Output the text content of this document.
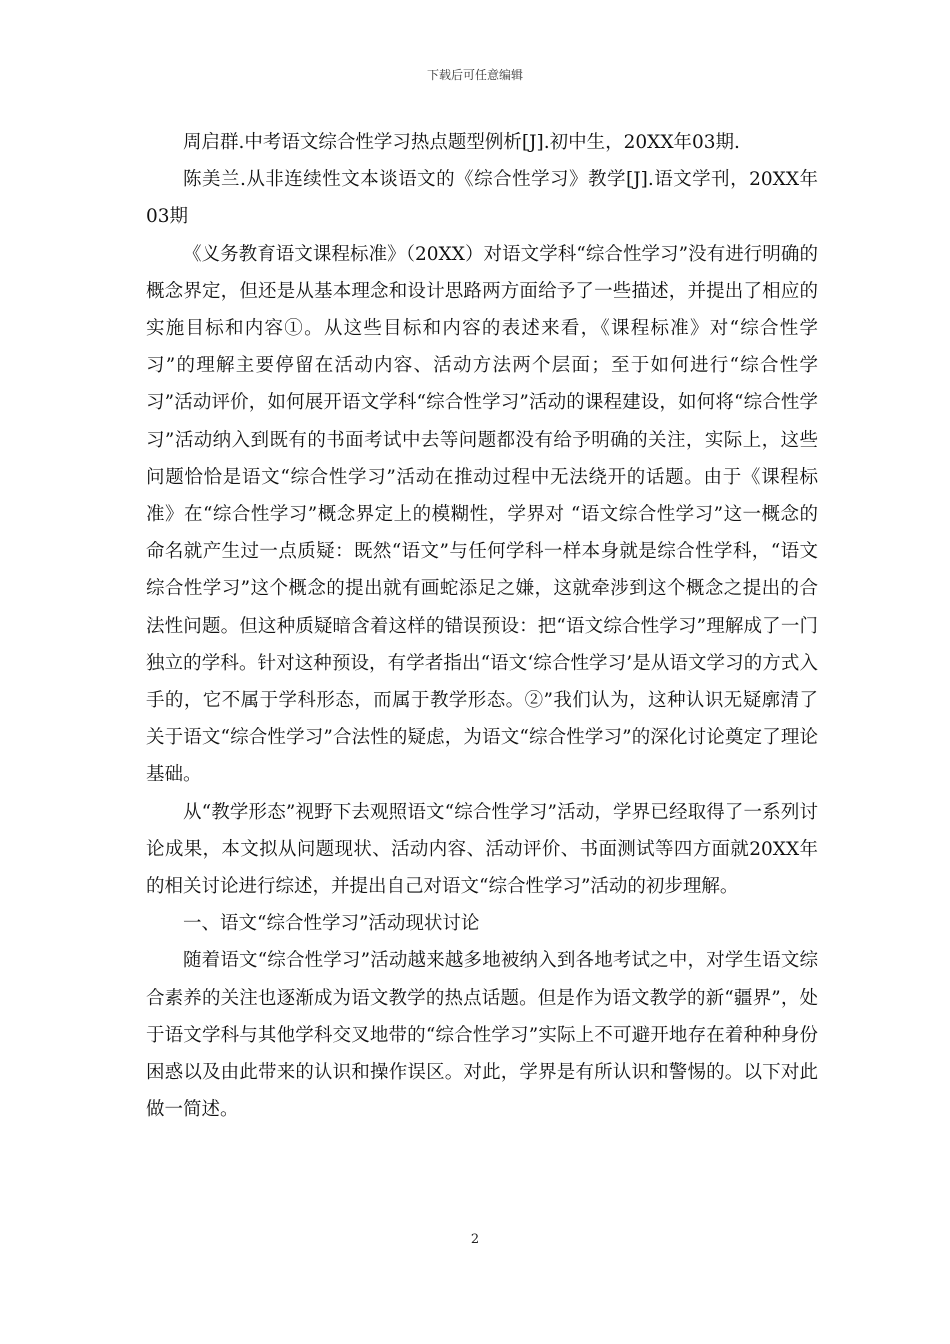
下载后可任意编辑

周启群.中考语文综合性学习热点题型例析[J].初中生，20XX年03期.

陈美兰.从非连续性文本谈语文的《综合性学习》教学[J].语文学刊，20XX年03期

《义务教育语文课程标准》（20XX）对语文学科“综合性学习”没有进行明确的概念界定，但还是从基本理念和设计思路两方面给予了一些描述，并提出了相应的实施目标和内容①。从这些目标和内容的表述来看，《课程标准》对“综合性学习”的理解主要停留在活动内容、活动方法两个层面；至于如何进行“综合性学习”活动评价，如何展开语文学科“综合性学习”活动的课程建设，如何将“综合性学习”活动纳入到既有的书面考试中去等问题都没有给予明确的关注，实际上，这些问题恰恰是语文“综合性学习”活动在推动过程中无法绕开的话题。由于《课程标准》在“综合性学习”概念界定上的模糊性，学界对 “语文综合性学习”这一概念的命名就产生过一点质疑：既然“语文”与任何学科一样本身就是综合性学科，“语文综合性学习”这个概念的提出就有画蛇添足之嫌，这就牵涉到这个概念之提出的合法性问题。但这种质疑暗含着这样的错误预设：把“语文综合性学习”理解成了一门独立的学科。针对这种预设，有学者指出“语文‘综合性学习’是从语文学习的方式入手的，它不属于学科形态，而属于教学形态。②”我们认为，这种认识无疑廓清了关于语文“综合性学习”合法性的疑虑，为语文“综合性学习”的深化讨论奠定了理论基础。

从“教学形态”视野下去观照语文“综合性学习”活动，学界已经取得了一系列讨论成果，本文拟从问题现状、活动内容、活动评价、书面测试等四方面就20XX年的相关讨论进行综述，并提出自己对语文“综合性学习”活动的初步理解。

一、语文“综合性学习”活动现状讨论

随着语文“综合性学习”活动越来越多地被纳入到各地考试之中，对学生语文综合素养的关注也逐渐成为语文教学的热点话题。但是作为语文教学的新“疆界”，处于语文学科与其他学科交叉地带的“综合性学习”实际上不可避开地存在着种种身份困惑以及由此带来的认识和操作误区。对此，学界是有所认识和警惕的。以下对此做一简述。

2
